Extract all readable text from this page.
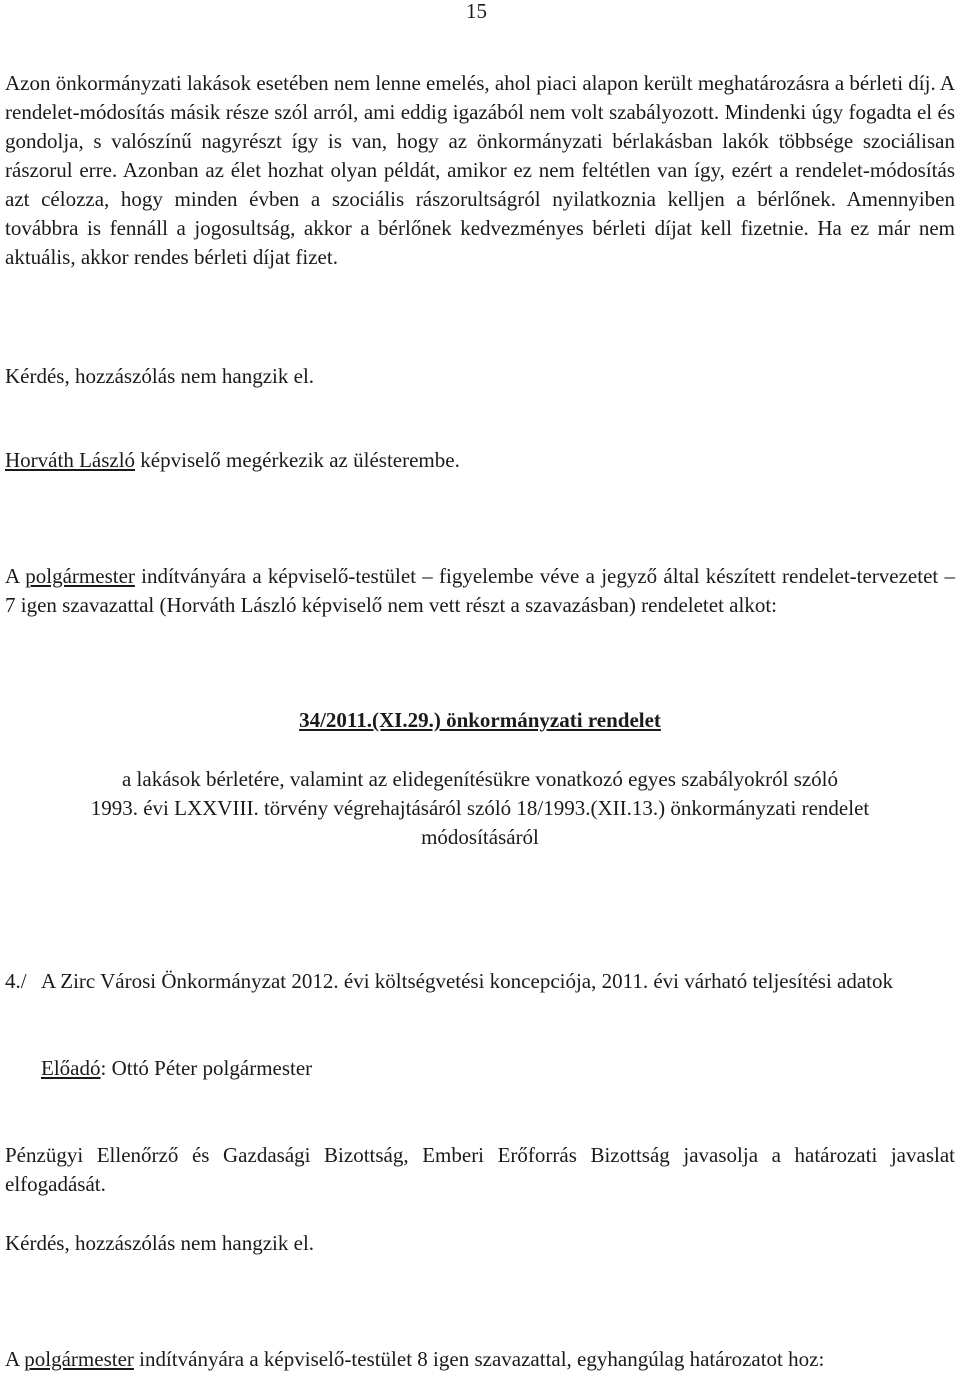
15

Azon önkormányzati lakások esetében nem lenne emelés, ahol piaci alapon került meghatározásra a bérleti díj. A rendelet-módosítás másik része szól arról, ami eddig igazából nem volt szabályozott. Mindenki úgy fogadta el és gondolja, s valószínű nagyrészt így is van, hogy az önkormányzati bérlakásban lakók többsége szociálisan rászorul erre. Azonban az élet hozhat olyan példát, amikor ez nem feltétlen van így, ezért a rendelet-módosítás azt célozza, hogy minden évben a szociális rászorultságról nyilatkoznia kelljen a bérlőnek. Amennyiben továbbra is fennáll a jogosultság, akkor a bérlőnek kedvezményes bérleti díjat kell fizetnie. Ha ez már nem aktuális, akkor rendes bérleti díjat fizet.

Kérdés, hozzászólás nem hangzik el.

Horváth László képviselő megérkezik az ülésterembe.

A polgármester indítványára a képviselő-testület – figyelembe véve a jegyző által készített rendelet-tervezetet – 7 igen szavazattal (Horváth László képviselő nem vett részt a szavazásban) rendeletet alkot:

34/2011.(XI.29.) önkormányzati rendelet

a lakások bérletére, valamint az elidegenítésükre vonatkozó egyes szabályokról szóló

1993. évi LXXVIII. törvény végrehajtásáról szóló 18/1993.(XII.13.) önkormányzati rendelet

módosításáról

4./ A Zirc Városi Önkormányzat 2012. évi költségvetési koncepciója, 2011. évi várható teljesítési adatok

Előadó: Ottó Péter polgármester

Pénzügyi Ellenőrző és Gazdasági Bizottság, Emberi Erőforrás Bizottság javasolja a határozati javaslat elfogadását.

Kérdés, hozzászólás nem hangzik el.

A polgármester indítványára a képviselő-testület 8 igen szavazattal, egyhangúlag határozatot hoz:
